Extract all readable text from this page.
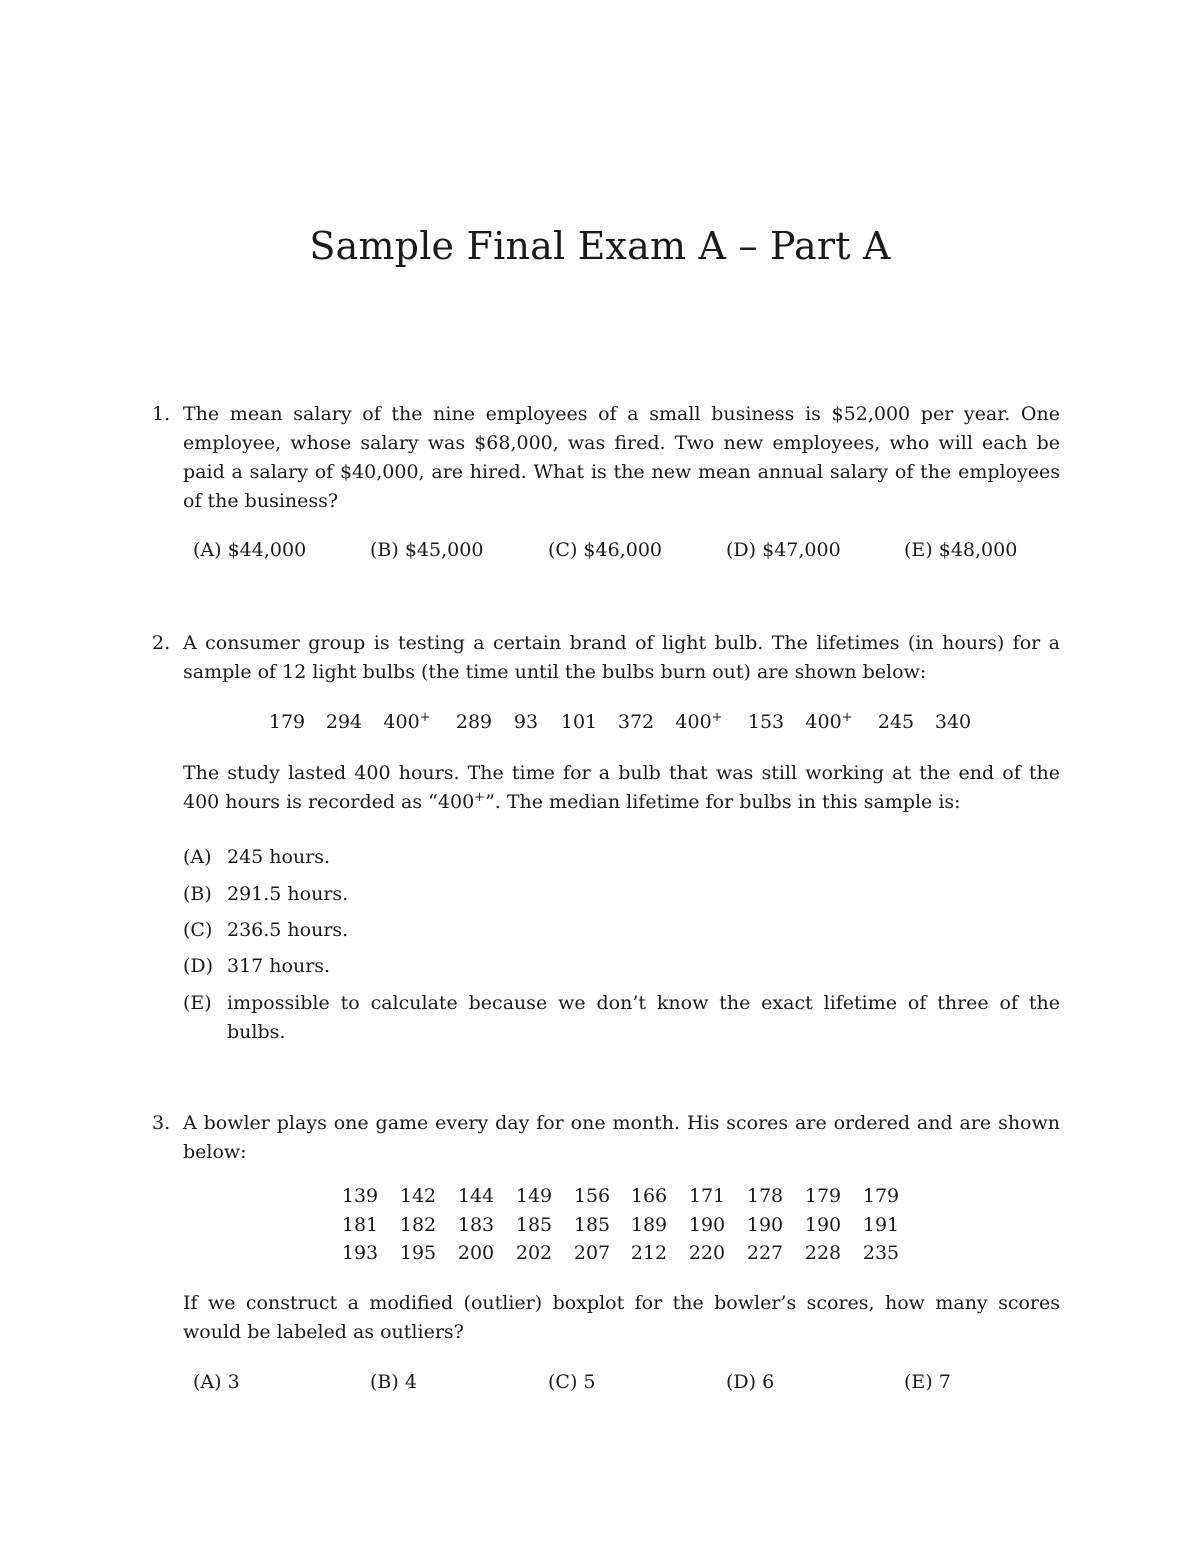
Sample Final Exam A – Part A
1. The mean salary of the nine employees of a small business is $52,000 per year. One employee, whose salary was $68,000, was fired. Two new employees, who will each be paid a salary of $40,000, are hired. What is the new mean annual salary of the employees of the business?
(A) $44,000	(B) $45,000	(C) $46,000	(D) $47,000	(E) $48,000
2. A consumer group is testing a certain brand of light bulb. The lifetimes (in hours) for a sample of 12 light bulbs (the time until the bulbs burn out) are shown below:
179 294 400+ 289 93 101 372 400+ 153 400+ 245 340
The study lasted 400 hours. The time for a bulb that was still working at the end of the 400 hours is recorded as “400+”. The median lifetime for bulbs in this sample is:
(A) 245 hours.
(B) 291.5 hours.
(C) 236.5 hours.
(D) 317 hours.
(E) impossible to calculate because we don’t know the exact lifetime of three of the bulbs.
3. A bowler plays one game every day for one month. His scores are ordered and are shown below:
139 142 144 149 156 166 171 178 179 179
181 182 183 185 185 189 190 190 190 191
193 195 200 202 207 212 220 227 228 235
If we construct a modified (outlier) boxplot for the bowler’s scores, how many scores would be labeled as outliers?
(A) 3	(B) 4	(C) 5	(D) 6	(E) 7
